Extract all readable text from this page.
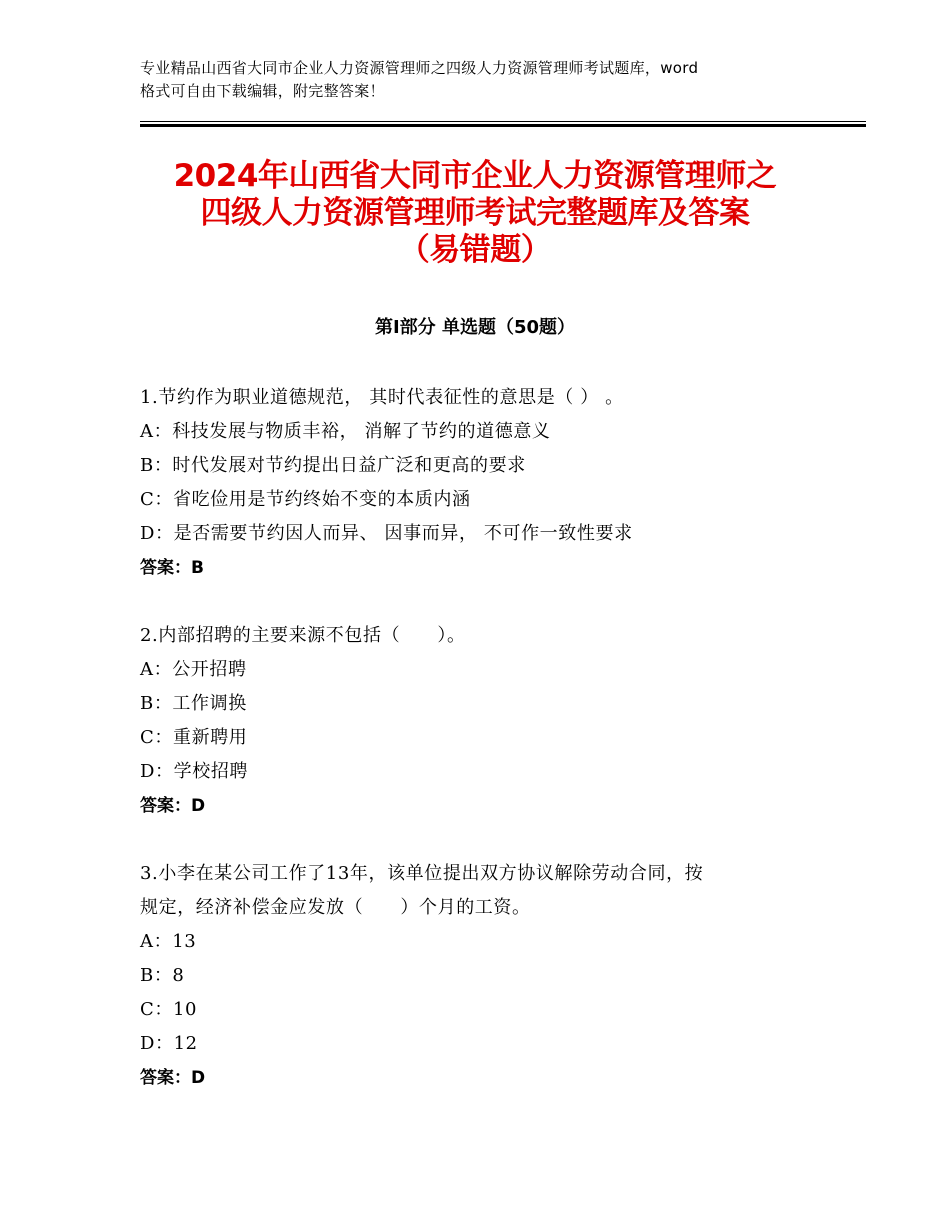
专业精品山西省大同市企业人力资源管理师之四级人力资源管理师考试题库，word
格式可自由下载编辑，附完整答案！
2024年山西省大同市企业人力资源管理师之
四级人力资源管理师考试完整题库及答案
（易错题）
第Ⅰ部分 单选题（50题）
1.节约作为职业道德规范， 其时代表征性的意思是（ ） 。
A：科技发展与物质丰裕， 消解了节约的道德意义
B：时代发展对节约提出日益广泛和更高的要求
C：省吃俭用是节约终始不变的本质内涵
D：是否需要节约因人而异、 因事而异， 不可作一致性要求
答案：B
2.内部招聘的主要来源不包括（　　）。
A：公开招聘
B：工作调换
C：重新聘用
D：学校招聘
答案：D
3.小李在某公司工作了13年，该单位提出双方协议解除劳动合同，按
规定，经济补偿金应发放（　　）个月的工资。
A：13
B：8
C：10
D：12
答案：D
